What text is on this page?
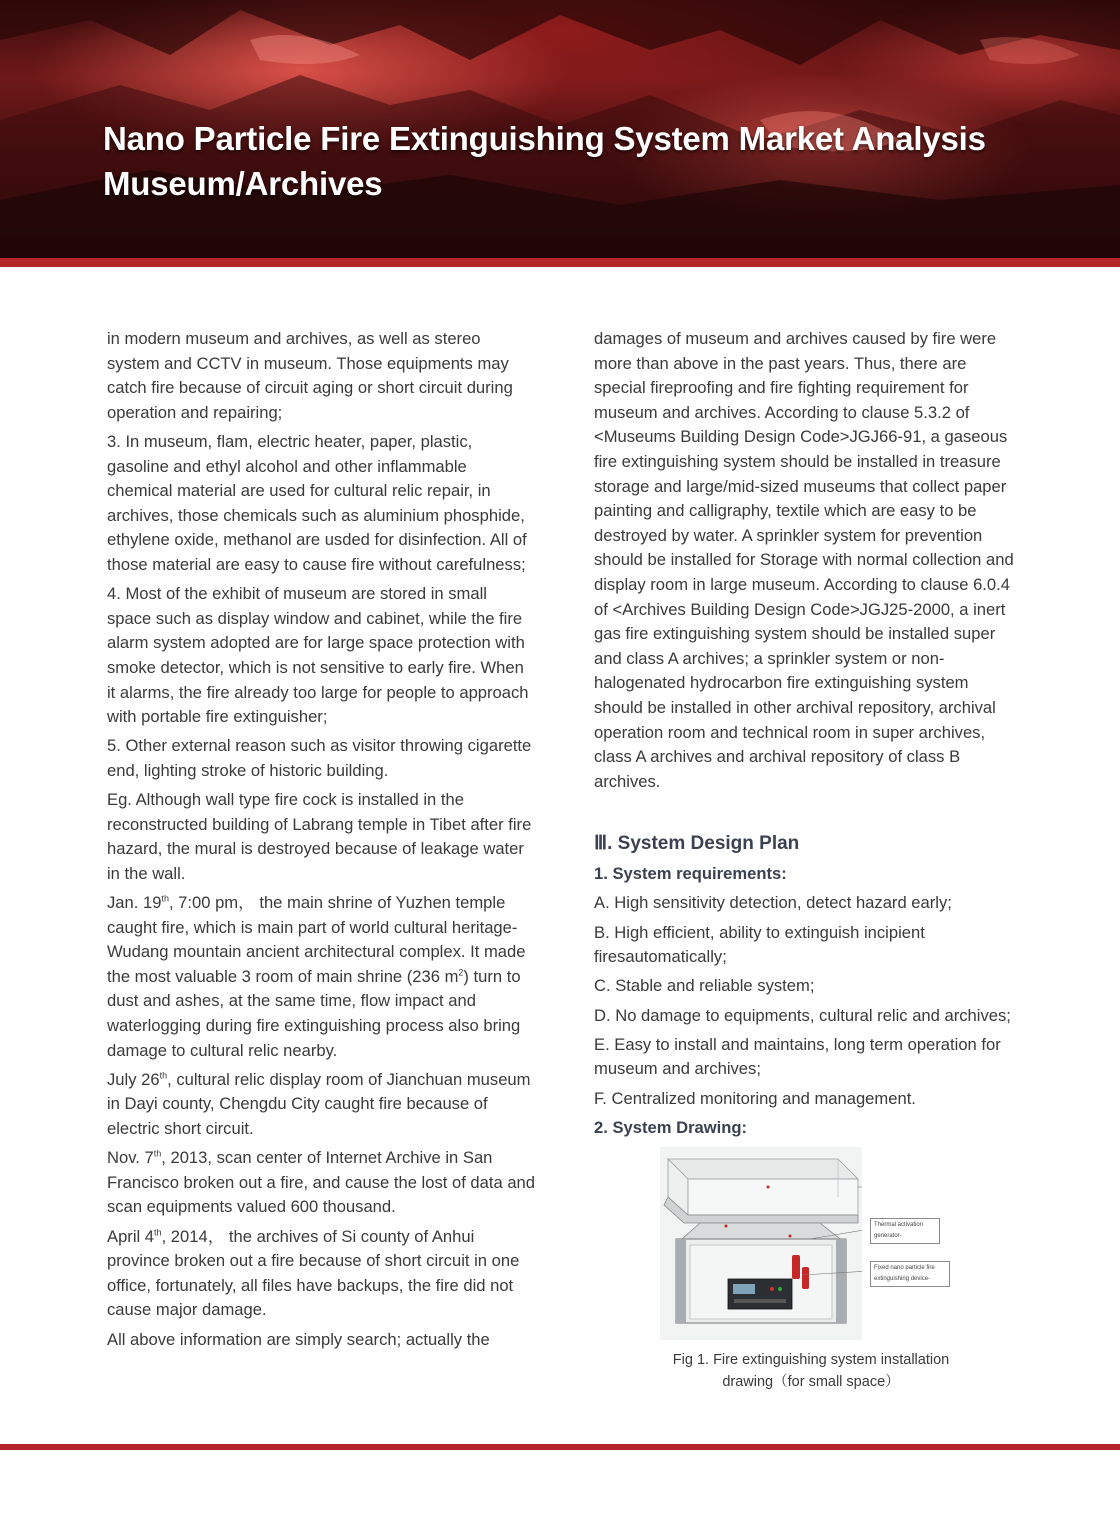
Nano Particle Fire Extinguishing System Market Analysis
Museum/Archives

in modern museum and archives, as well as stereo system and CCTV in museum. Those equipments may catch fire because of circuit aging or short circuit during operation and repairing;

3. In museum, flam, electric heater, paper, plastic, gasoline and ethyl alcohol and other inflammable chemical material are used for cultural relic repair, in archives, those chemicals such as aluminium phosphide, ethylene oxide, methanol are usded for disinfection. All of those material are easy to cause fire without carefulness;

4. Most of the exhibit of museum are stored in small space such as display window and cabinet, while the fire alarm system adopted are for large space protection with smoke detector, which is not sensitive to early fire. When it alarms, the fire already too large for people to approach with portable fire extinguisher;

5. Other external reason such as visitor throwing cigarette end, lighting stroke of historic building.

Eg. Although wall type fire cock is installed in the reconstructed building of Labrang temple in Tibet after fire hazard, the mural is destroyed because of leakage water in the wall.

Jan. 19th, 7:00 pm， the main shrine of Yuzhen temple caught fire, which is main part of world cultural heritage-Wudang mountain ancient architectural complex. It made the most valuable 3 room of main shrine (236 $m^2$) turn to dust and ashes, at the same time, flow impact and waterlogging during fire extinguishing process also bring damage to cultural relic nearby.

July 26th, cultural relic display room of Jianchuan museum in Dayi county, Chengdu City caught fire because of electric short circuit.

Nov. 7th, 2013, scan center of Internet Archive in San Francisco broken out a fire, and cause the lost of data and scan equipments valued 600 thousand.

April 4th, 2014， the archives of Si county of Anhui province broken out a fire because of short circuit in one office, fortunately, all files have backups, the fire did not cause major damage.

All above information are simply search; actually the

damages of museum and archives caused by fire were more than above in the past years. Thus, there are special fireproofing and fire fighting requirement for museum and archives. According to clause 5.3.2 of <Museums Building Design Code>JGJ66-91, a gaseous fire extinguishing system should be installed in treasure storage and large/mid-sized museums that collect paper painting and calligraphy, textile which are easy to be destroyed by water. A sprinkler system for prevention should be installed for Storage with normal collection and display room in large museum. According to clause 6.0.4 of <Archives Building Design Code>JGJ25-2000, a inert gas fire extinguishing system should be installed super and class A archives; a sprinkler system or non-halogenated hydrocarbon fire extinguishing system should be installed in other archival repository, archival operation room and technical room in super archives, class A archives and archival repository of class B archives.

Ⅲ. System Design Plan
1. System requirements:

A. High sensitivity detection, detect hazard early;

B. High efficient, ability to extinguish incipient firesautomatically;

C. Stable and reliable system;

D. No damage to equipments, cultural relic and archives;

E. Easy to install and maintains, long term operation for museum and archives;

F. Centralized monitoring and management.

2. System Drawing:
Thermal activation generator-
Fixed nano particle fire extinguishing device-
Fig 1. Fire extinguishing system installation
drawing（for small space）
